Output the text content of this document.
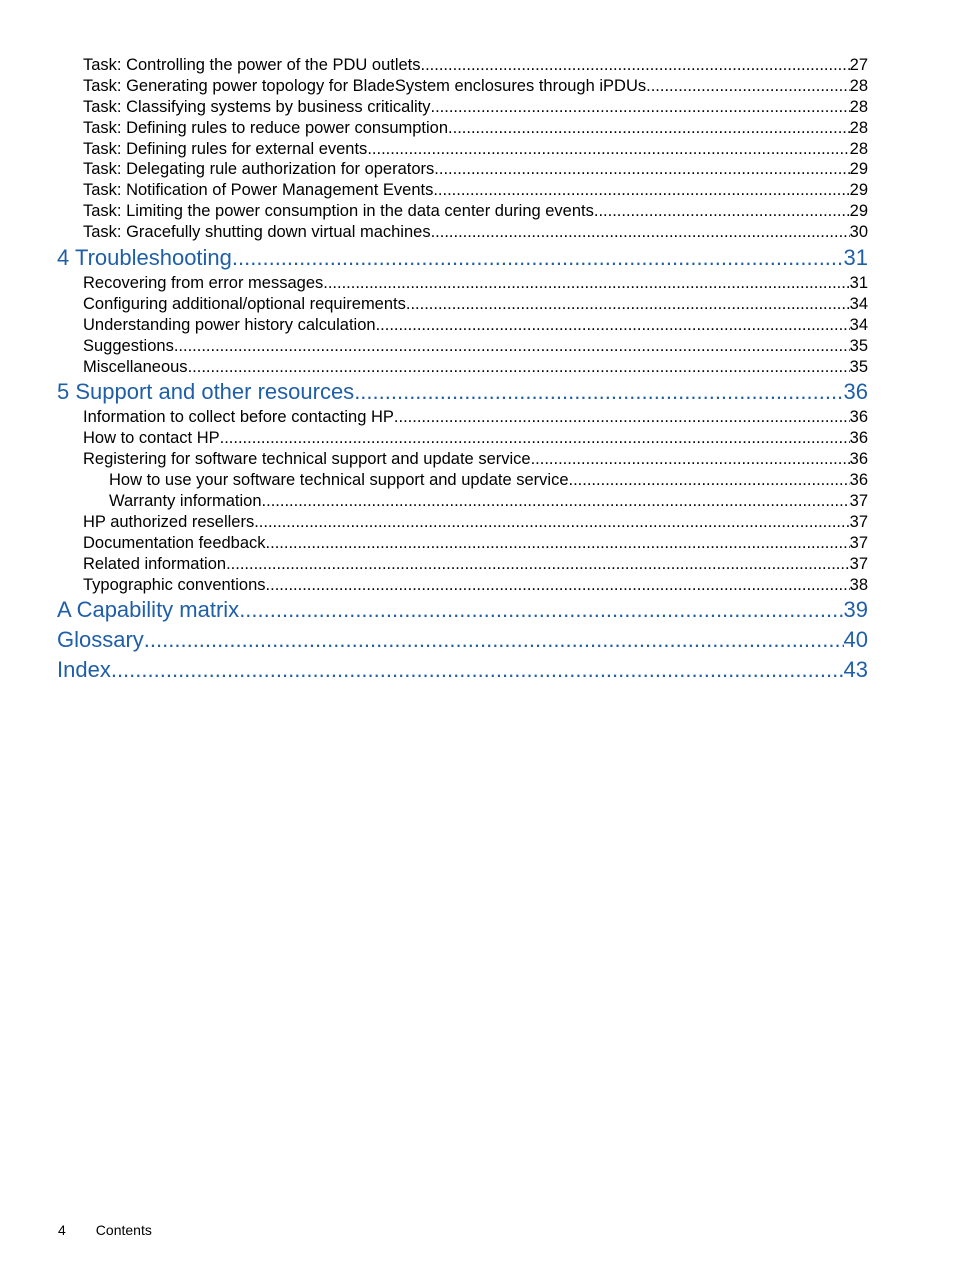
Task: Controlling the power of the PDU outlets .....	27
Task: Generating power topology for BladeSystem enclosures through iPDUs .....	28
Task: Classifying systems by business criticality .....	28
Task: Defining rules to reduce power consumption .....	28
Task: Defining rules for external events .....	28
Task: Delegating rule authorization for operators .....	29
Task: Notification of Power Management Events .....	29
Task: Limiting the power consumption in the data center during events .....	29
Task: Gracefully shutting down virtual machines .....	30
4 Troubleshooting .....	31
Recovering from error messages .....	31
Configuring additional/optional requirements .....	34
Understanding power history calculation .....	34
Suggestions .....	35
Miscellaneous .....	35
5 Support and other resources .....	36
Information to collect before contacting HP .....	36
How to contact HP .....	36
Registering for software technical support and update service .....	36
How to use your software technical support and update service .....	36
Warranty information .....	37
HP authorized resellers .....	37
Documentation feedback .....	37
Related information .....	37
Typographic conventions .....	38
A Capability matrix .....	39
Glossary .....	40
Index .....	43
4 Contents
